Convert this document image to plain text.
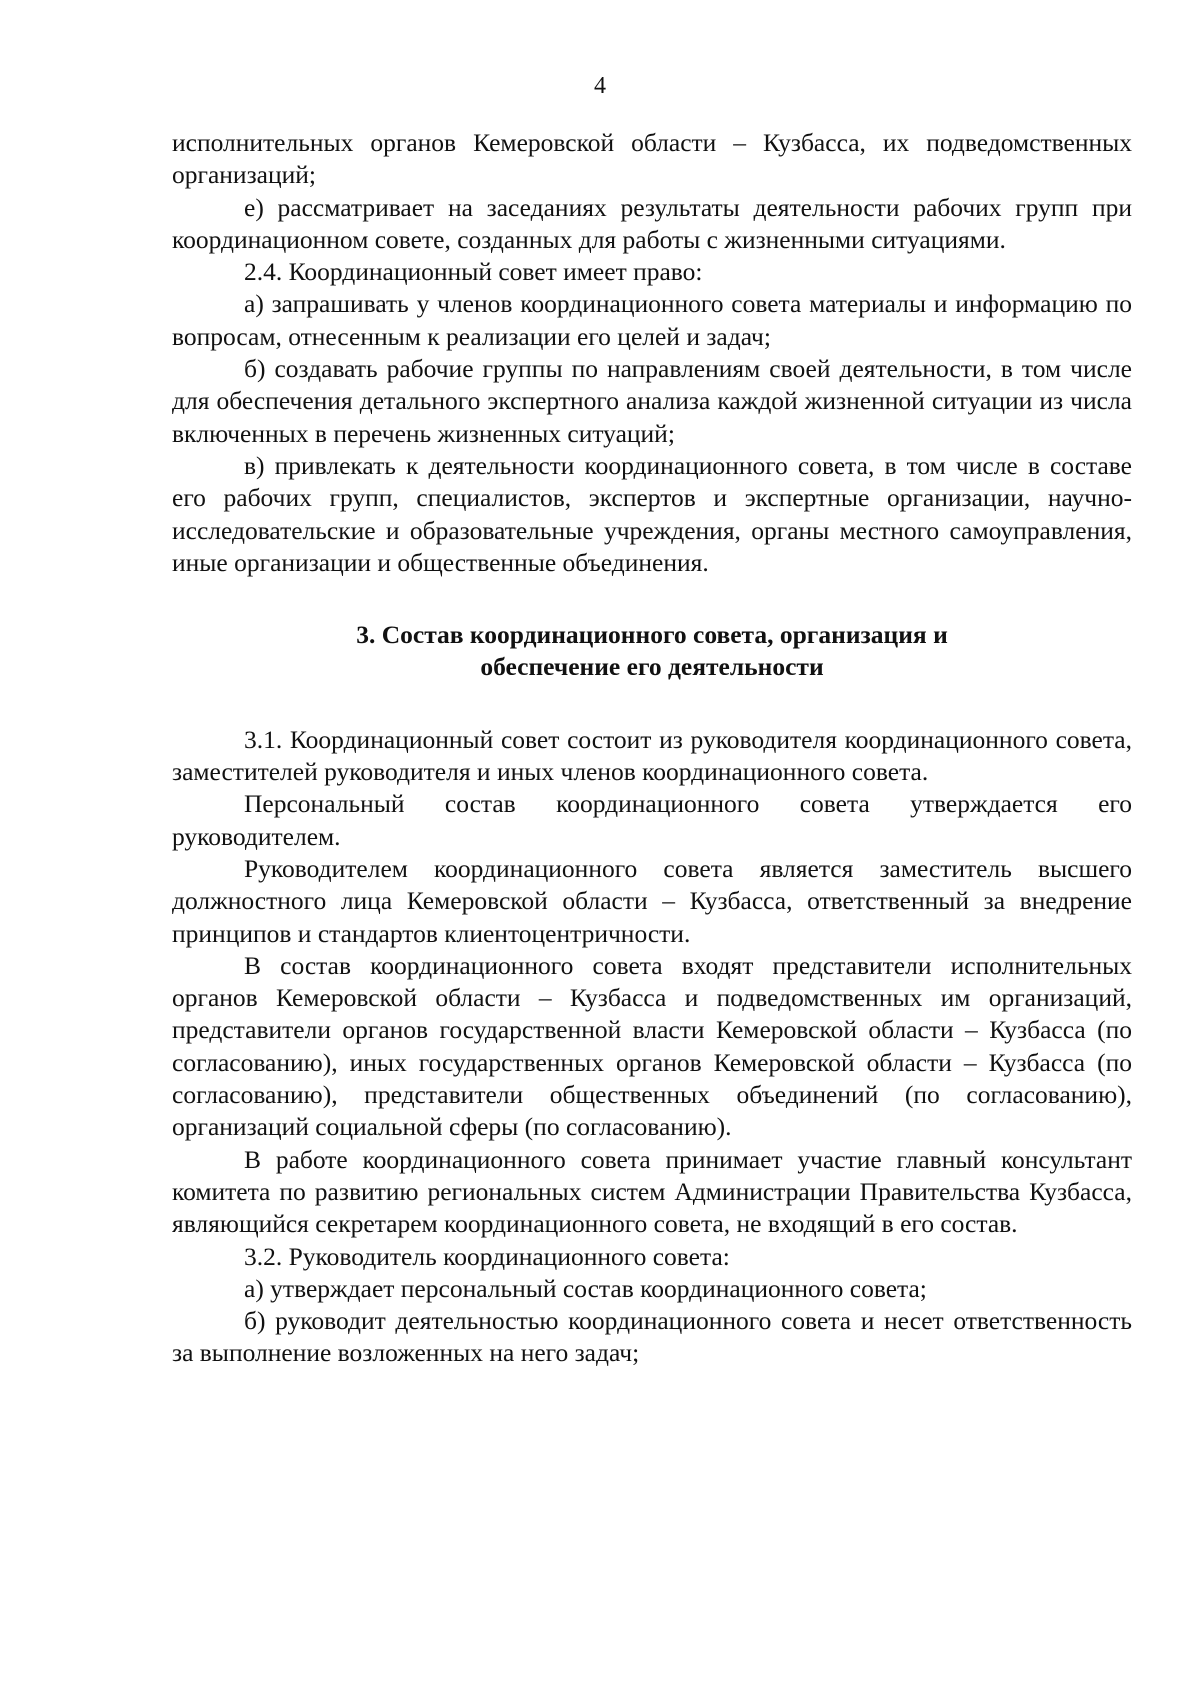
4

исполнительных органов Кемеровской области – Кузбасса, их подведомственных организаций;

е) рассматривает на заседаниях результаты деятельности рабочих групп при координационном совете, созданных для работы с жизненными ситуациями.

2.4. Координационный совет имеет право:

а) запрашивать у членов координационного совета материалы и информацию по вопросам, отнесенным к реализации его целей и задач;

б) создавать рабочие группы по направлениям своей деятельности, в том числе для обеспечения детального экспертного анализа каждой жизненной ситуации из числа включенных в перечень жизненных ситуаций;

в) привлекать к деятельности координационного совета, в том числе в составе его рабочих групп, специалистов, экспертов и экспертные организации, научно-исследовательские и образовательные учреждения, органы местного самоуправления, иные организации и общественные объединения.

3. Состав координационного совета, организация и
обеспечение его деятельности

3.1. Координационный совет состоит из руководителя координационного совета, заместителей руководителя и иных членов координационного совета.

Персональный состав координационного совета утверждается его руководителем.

Руководителем координационного совета является заместитель высшего должностного лица Кемеровской области – Кузбасса, ответственный за внедрение принципов и стандартов клиентоцентричности.

В состав координационного совета входят представители исполнительных органов Кемеровской области – Кузбасса и подведомственных им организаций, представители органов государственной власти Кемеровской области – Кузбасса (по согласованию), иных государственных органов Кемеровской области – Кузбасса (по согласованию), представители общественных объединений (по согласованию), организаций социальной сферы (по согласованию).

В работе координационного совета принимает участие главный консультант комитета по развитию региональных систем Администрации Правительства Кузбасса, являющийся секретарем координационного совета, не входящий в его состав.

3.2. Руководитель координационного совета:

а) утверждает персональный состав координационного совета;

б) руководит деятельностью координационного совета и несет ответственность за выполнение возложенных на него задач;
